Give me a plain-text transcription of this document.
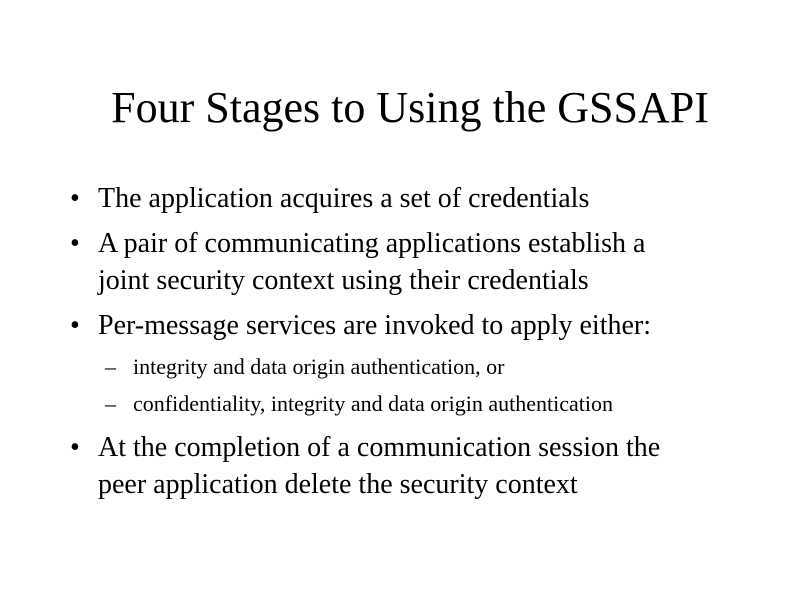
Four Stages to Using the GSSAPI
• The application acquires a set of credentials
• A pair of communicating applications establish a
joint security context using their credentials
• Per-message services are invoked to apply either:
– integrity and data origin authentication, or
– confidentiality, integrity and data origin authentication
• At the completion of a communication session the
peer application delete the security context
